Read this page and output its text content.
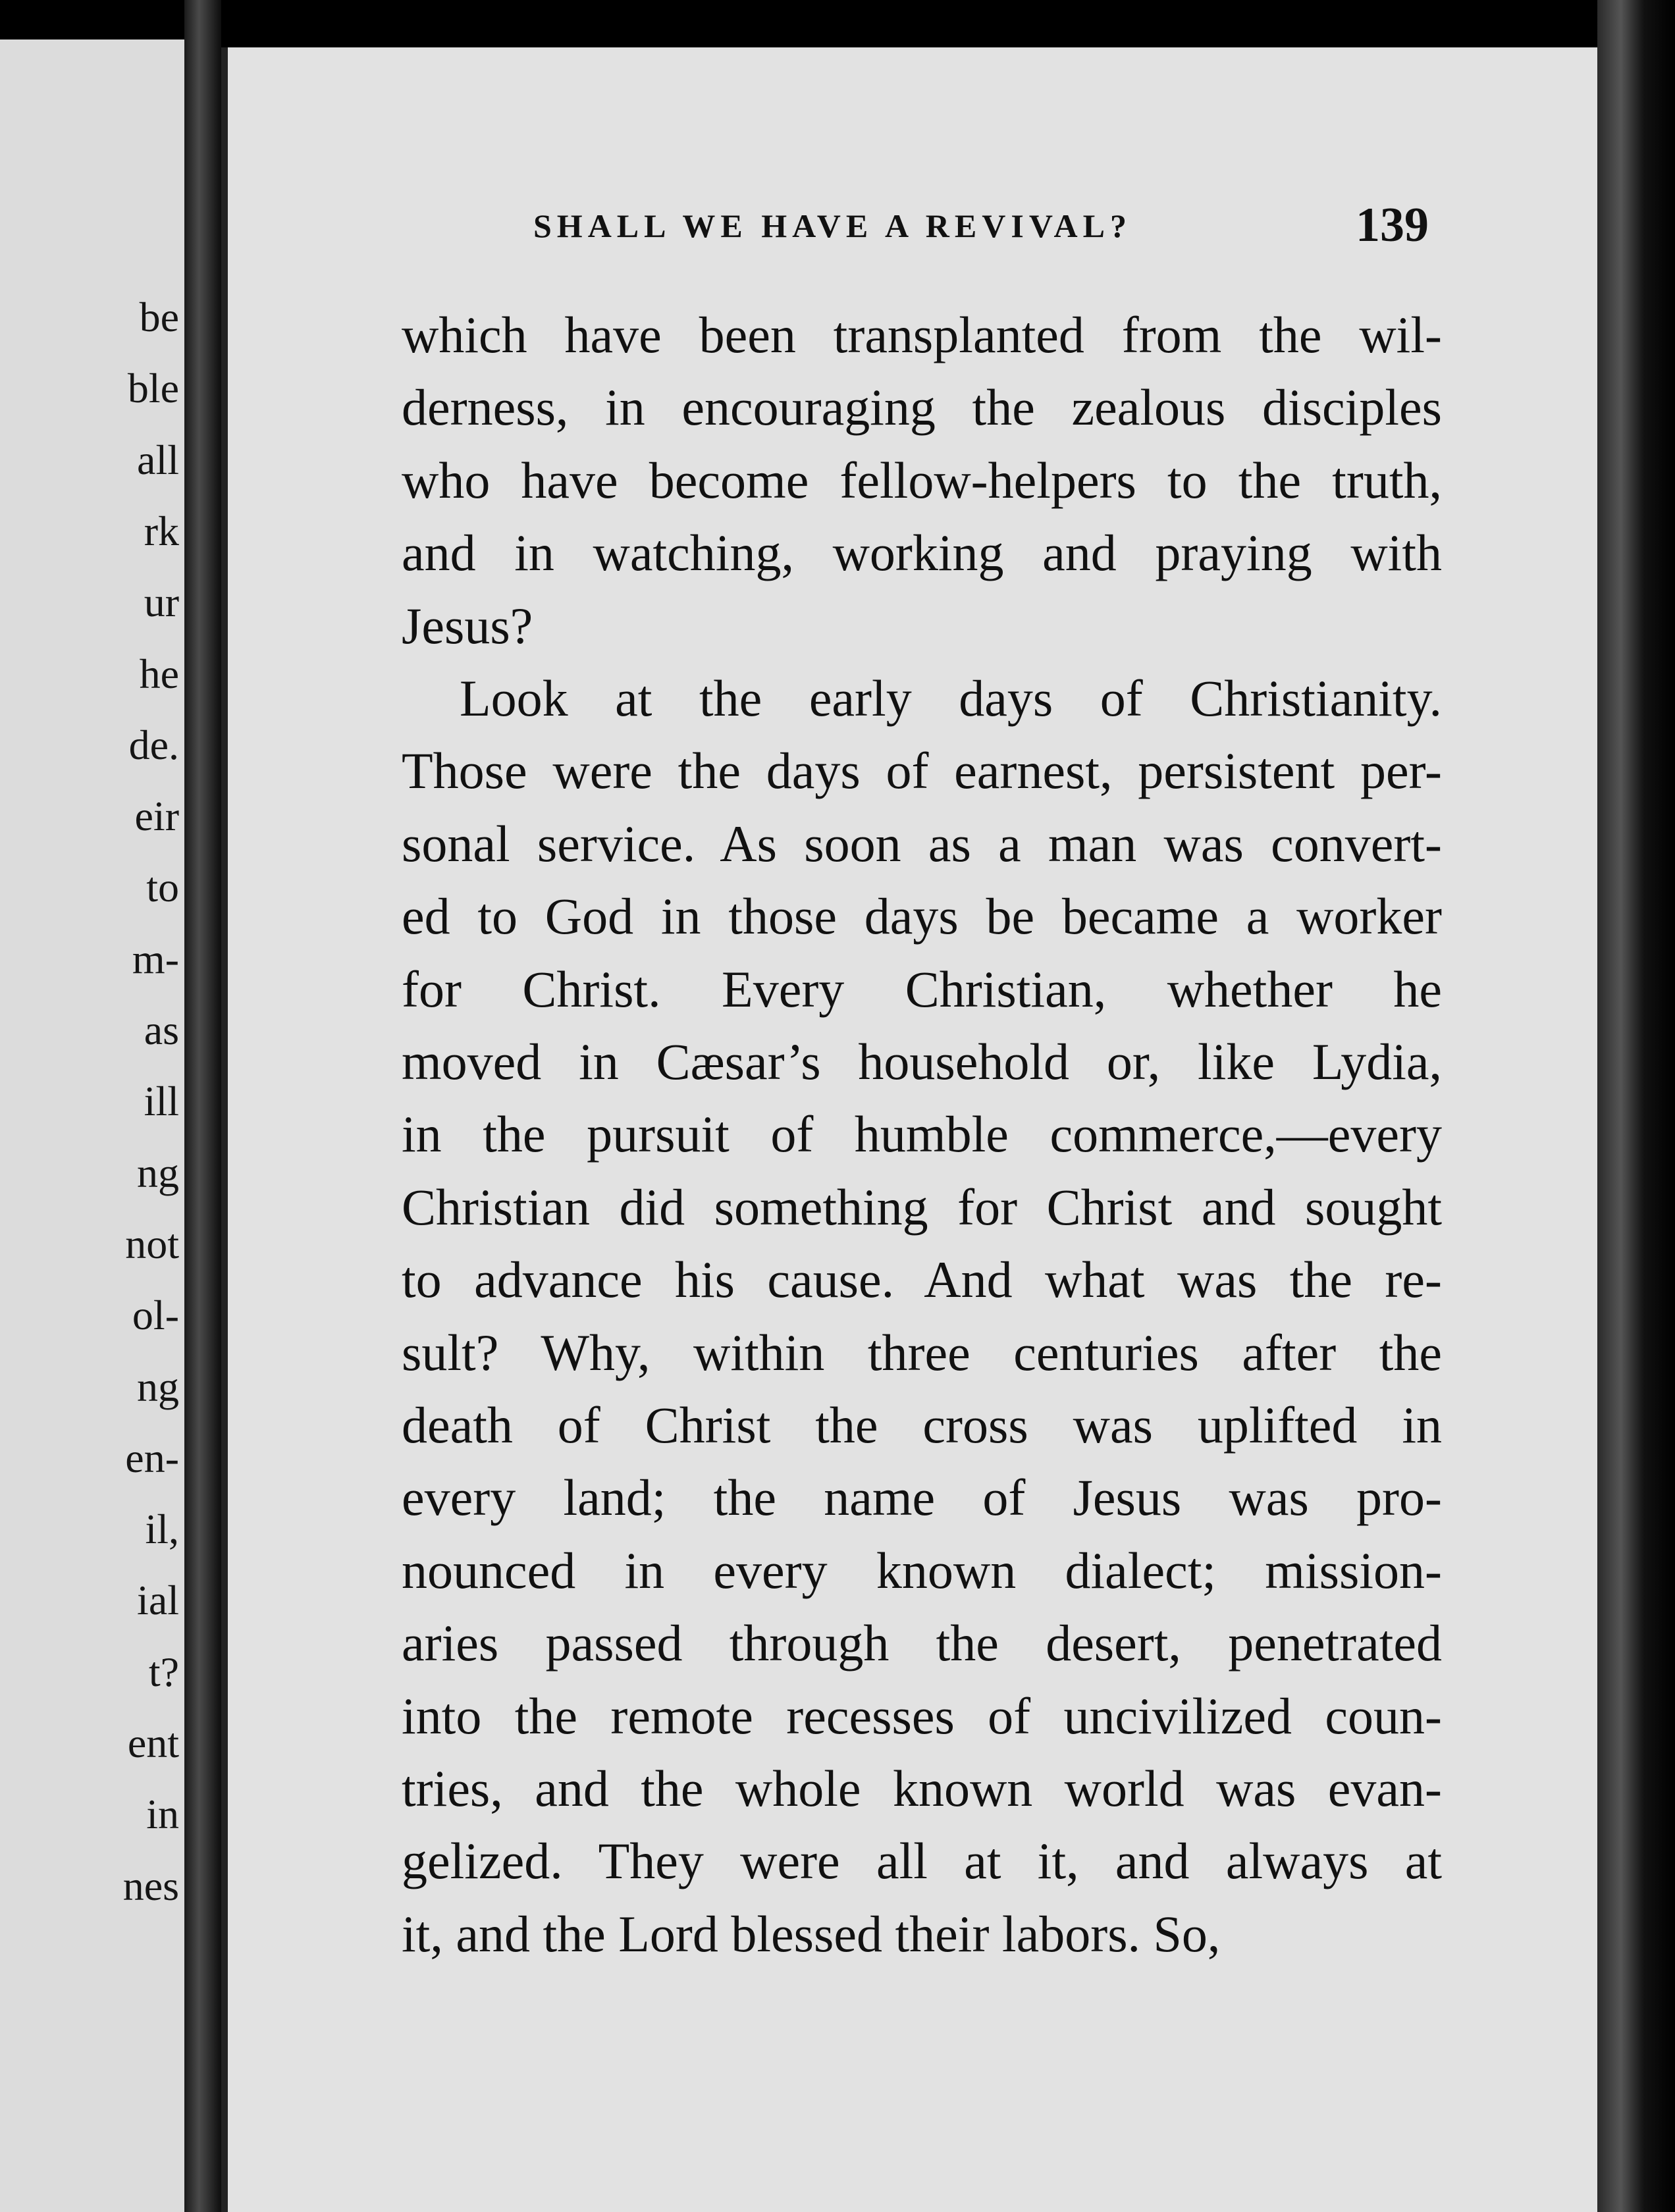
be
ble
all
rk
ur
he
de.
eir
to
m-
as
ill
ng
not
ol-
ng
en-
il,
ial
t?
ent
in
nes
SHALL WE HAVE A REVIVAL?	139
which have been transplanted from the wil-
derness, in encouraging the zealous disciples
who have become fellow-helpers to the truth,
and in watching, working and praying with
Jesus?
Look at the early days of Christianity.
Those were the days of earnest, persistent per-
sonal service. As soon as a man was convert-
ed to God in those days be became a worker
for Christ. Every Christian, whether he
moved in Cæsar’s household or, like Lydia,
in the pursuit of humble commerce,—every
Christian did something for Christ and sought
to advance his cause. And what was the re-
sult? Why, within three centuries after the
death of Christ the cross was uplifted in
every land; the name of Jesus was pro-
nounced in every known dialect; mission-
aries passed through the desert, penetrated
into the remote recesses of uncivilized coun-
tries, and the whole known world was evan-
gelized. They were all at it, and always at
it, and the Lord blessed their labors. So,
